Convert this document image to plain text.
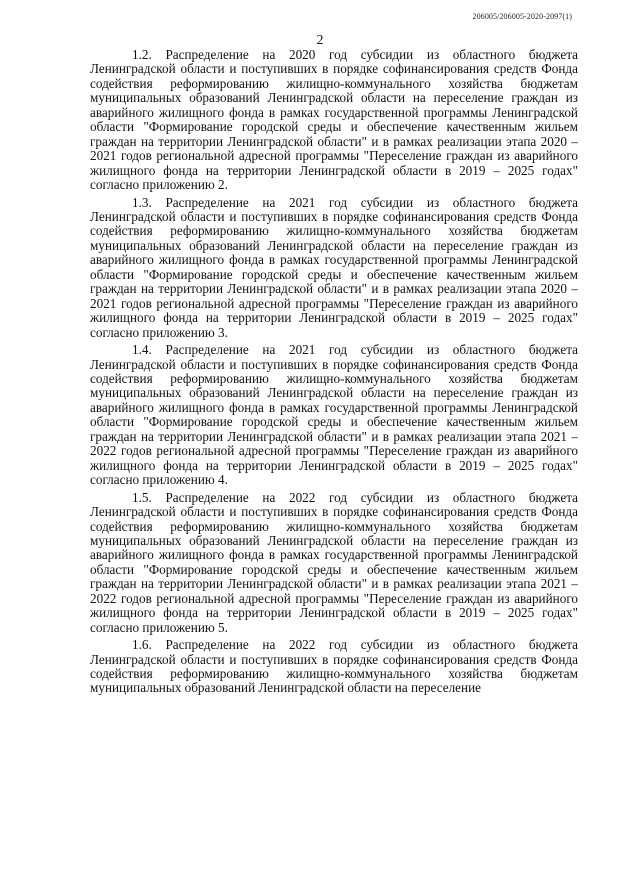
206005/206005-2020-2097(1)
2

1.2. Распределение на 2020 год субсидии из областного бюджета Ленинградской области и поступивших в порядке софинансирования средств Фонда содействия реформированию жилищно-коммунального хозяйства бюджетам муниципальных образований Ленинградской области на переселение граждан из аварийного жилищного фонда в рамках государственной программы Ленинградской области "Формирование городской среды и обеспечение качественным жильем граждан на территории Ленинградской области" и в рамках реализации этапа 2020 – 2021 годов региональной адресной программы "Переселение граждан из аварийного жилищного фонда на территории Ленинградской области в 2019 – 2025 годах" согласно приложению 2.

1.3. Распределение на 2021 год субсидии из областного бюджета Ленинградской области и поступивших в порядке софинансирования средств Фонда содействия реформированию жилищно-коммунального хозяйства бюджетам муниципальных образований Ленинградской области на переселение граждан из аварийного жилищного фонда в рамках государственной программы Ленинградской области "Формирование городской среды и обеспечение качественным жильем граждан на территории Ленинградской области" и в рамках реализации этапа 2020 – 2021 годов региональной адресной программы "Переселение граждан из аварийного жилищного фонда на территории Ленинградской области в 2019 – 2025 годах" согласно приложению 3.

1.4. Распределение на 2021 год субсидии из областного бюджета Ленинградской области и поступивших в порядке софинансирования средств Фонда содействия реформированию жилищно-коммунального хозяйства бюджетам муниципальных образований Ленинградской области на переселение граждан из аварийного жилищного фонда в рамках государственной программы Ленинградской области "Формирование городской среды и обеспечение качественным жильем граждан на территории Ленинградской области" и в рамках реализации этапа 2021 – 2022 годов региональной адресной программы "Переселение граждан из аварийного жилищного фонда на территории Ленинградской области в 2019 – 2025 годах" согласно приложению 4.

1.5. Распределение на 2022 год субсидии из областного бюджета Ленинградской области и поступивших в порядке софинансирования средств Фонда содействия реформированию жилищно-коммунального хозяйства бюджетам муниципальных образований Ленинградской области на переселение граждан из аварийного жилищного фонда в рамках государственной программы Ленинградской области "Формирование городской среды и обеспечение качественным жильем граждан на территории Ленинградской области" и в рамках реализации этапа 2021 – 2022 годов региональной адресной программы "Переселение граждан из аварийного жилищного фонда на территории Ленинградской области в 2019 – 2025 годах" согласно приложению 5.

1.6. Распределение на 2022 год субсидии из областного бюджета Ленинградской области и поступивших в порядке софинансирования средств Фонда содействия реформированию жилищно-коммунального хозяйства бюджетам муниципальных образований Ленинградской области на переселение
